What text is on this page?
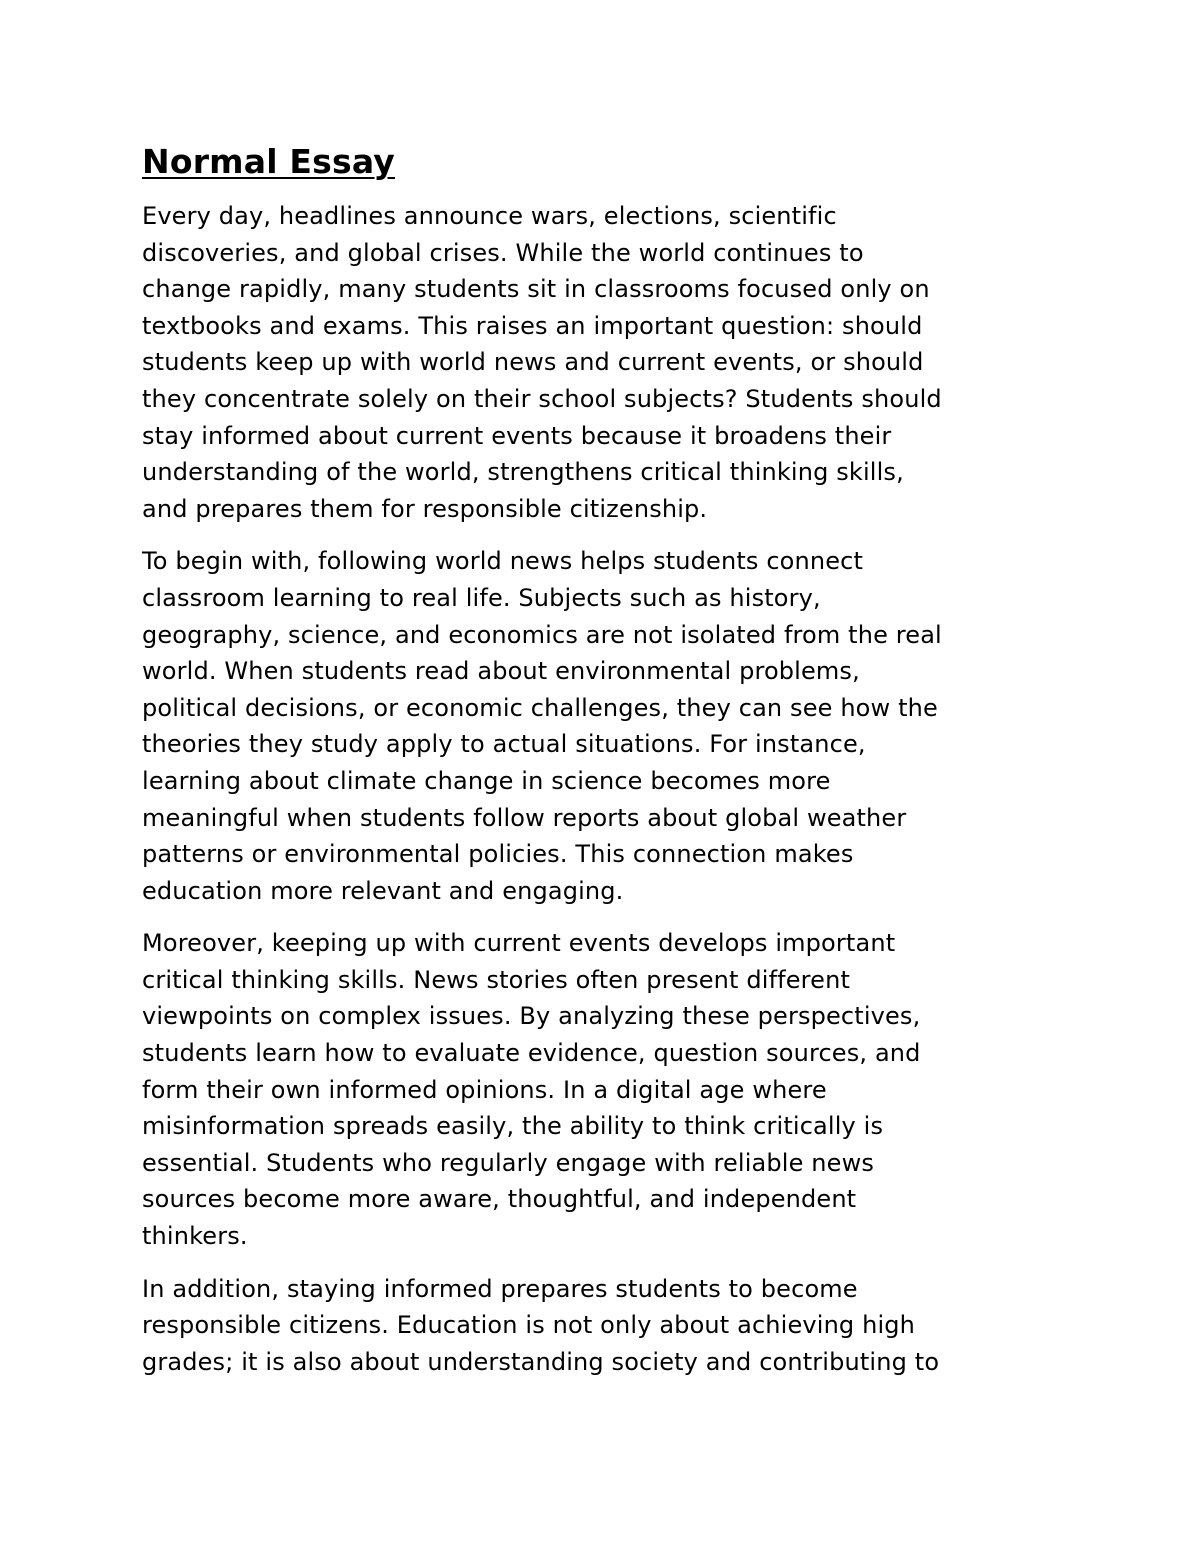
Normal Essay

Every day, headlines announce wars, elections, scientific
discoveries, and global crises. While the world continues to
change rapidly, many students sit in classrooms focused only on
textbooks and exams. This raises an important question: should
students keep up with world news and current events, or should
they concentrate solely on their school subjects? Students should
stay informed about current events because it broadens their
understanding of the world, strengthens critical thinking skills,
and prepares them for responsible citizenship.

To begin with, following world news helps students connect
classroom learning to real life. Subjects such as history,
geography, science, and economics are not isolated from the real
world. When students read about environmental problems,
political decisions, or economic challenges, they can see how the
theories they study apply to actual situations. For instance,
learning about climate change in science becomes more
meaningful when students follow reports about global weather
patterns or environmental policies. This connection makes
education more relevant and engaging.

Moreover, keeping up with current events develops important
critical thinking skills. News stories often present different
viewpoints on complex issues. By analyzing these perspectives,
students learn how to evaluate evidence, question sources, and
form their own informed opinions. In a digital age where
misinformation spreads easily, the ability to think critically is
essential. Students who regularly engage with reliable news
sources become more aware, thoughtful, and independent
thinkers.

In addition, staying informed prepares students to become
responsible citizens. Education is not only about achieving high
grades; it is also about understanding society and contributing to
